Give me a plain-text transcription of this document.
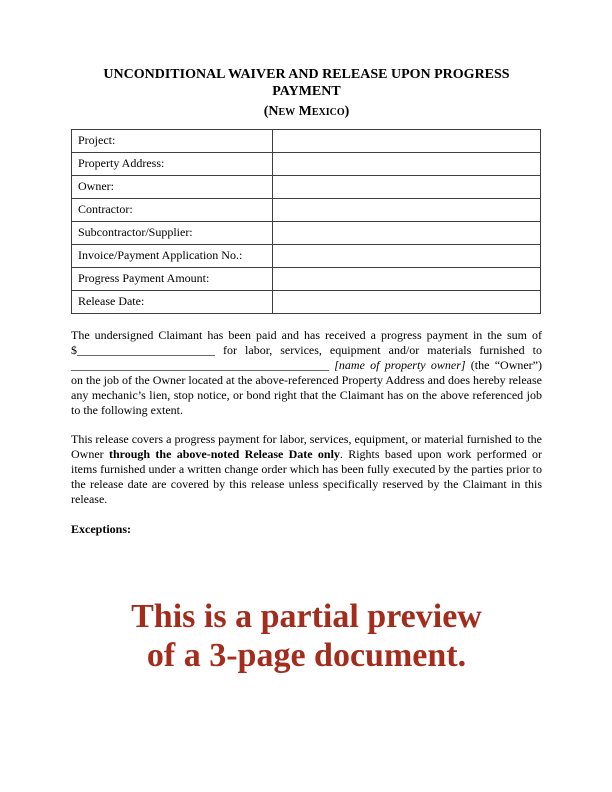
UNCONDITIONAL WAIVER AND RELEASE UPON PROGRESS PAYMENT
(New Mexico)
Project:	
Property Address:	
Owner:	
Contractor:	
Subcontractor/Supplier:	
Invoice/Payment Application No.:	
Progress Payment Amount:	
Release Date:	

The undersigned Claimant has been paid and has received a progress payment in the sum of $_______________________ for labor, services, equipment and/or materials furnished to ___________________________________________ [name of property owner] (the “Owner”) on the job of the Owner located at the above-referenced Property Address and does hereby release any mechanic’s lien, stop notice, or bond right that the Claimant has on the above referenced job to the following extent.

This release covers a progress payment for labor, services, equipment, or material furnished to the Owner through the above-noted Release Date only. Rights based upon work performed or items furnished under a written change order which has been fully executed by the parties prior to the release date are covered by this release unless specifically reserved by the Claimant in this release.

Exceptions:

This is a partial preview
of a 3-page document.
